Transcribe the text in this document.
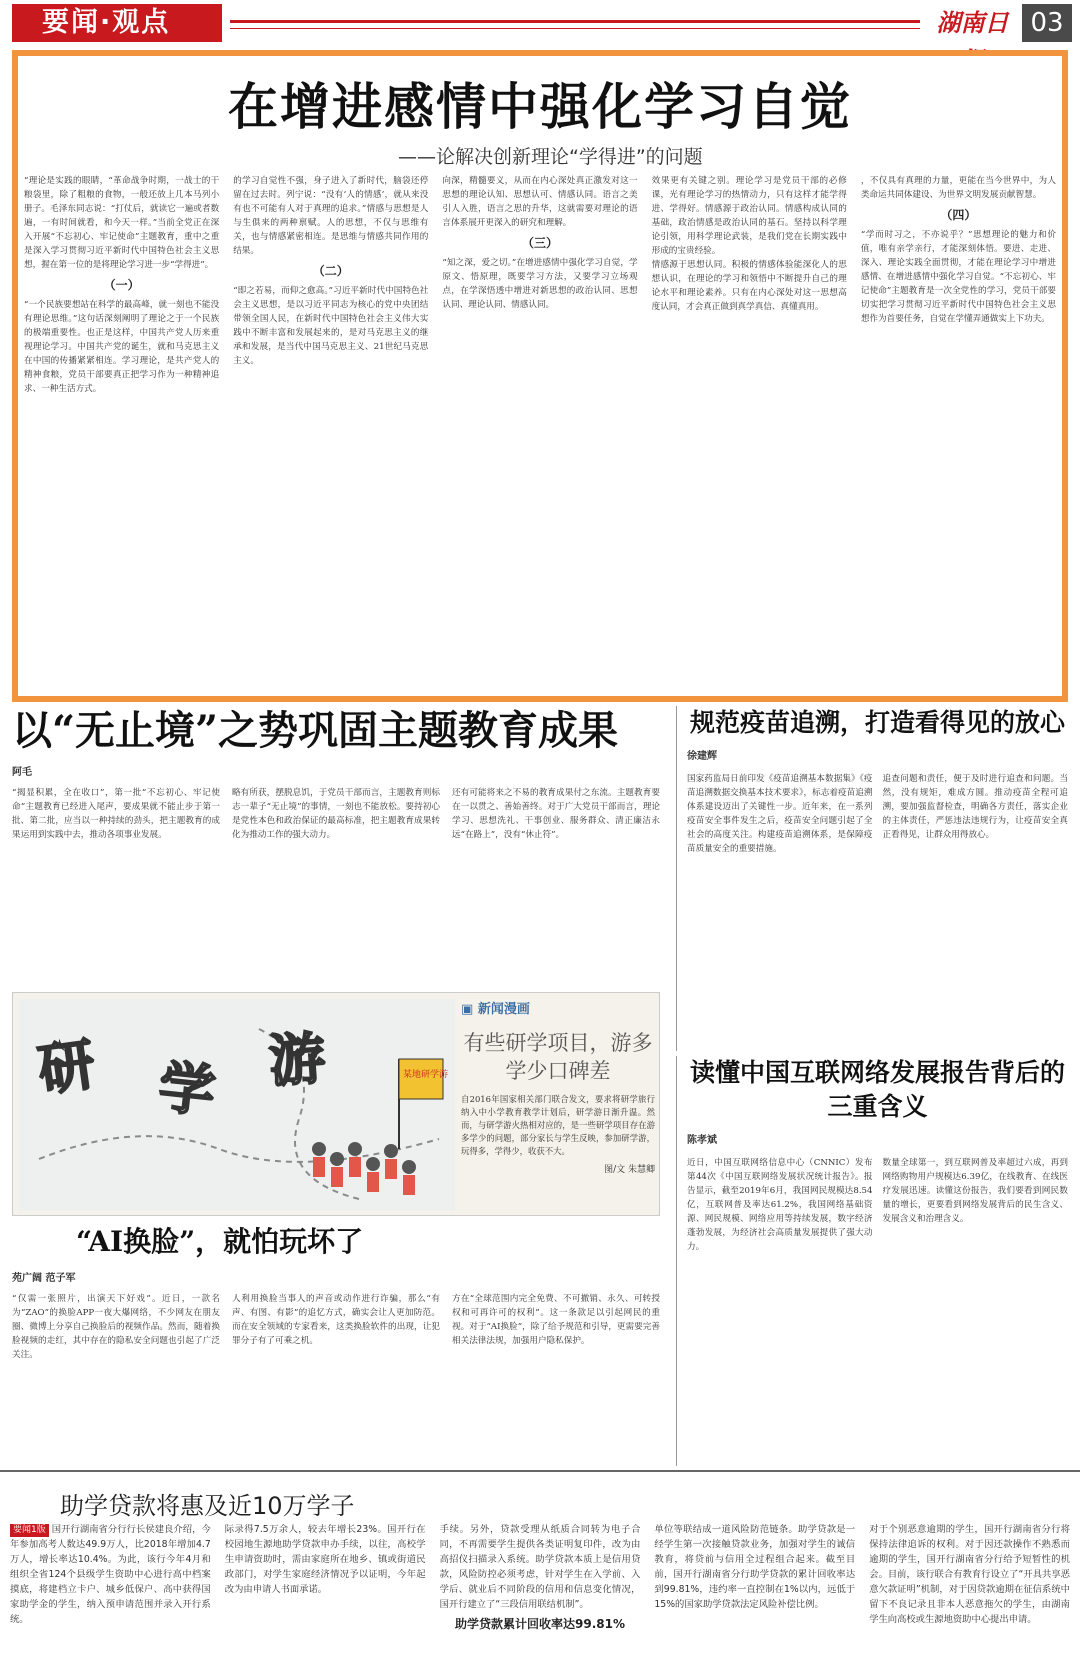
要闻·观点	湖南日 03
在增进感情中强化学习自觉
——论解决创新理论“学得进”的问题

“理论是实践的眼睛，“革命战争时期，一战士的干粮袋里，除了粗粮的食物，一般还放上几本马列小册子。毛泽东同志说：“打仗后，就读它一遍或者数遍，一有时间就看，和今天一样。”当前全党正在深入开展“不忘初心、牢记使命”主题教育，重中之重是深入学习贯彻习近平新时代中国特色社会主义思想，握在第一位的是将理论学习进一步“学得进”。

（一）

“一个民族要想站在科学的最高峰，就一刻也不能没有理论思维。”这句话深刻阐明了理论之于一个民族的极端重要性。也正是这样，中国共产党人历来重视理论学习。中国共产党的诞生，就和马克思主义在中国的传播紧紧相连。学习理论，是共产党人的精神食粮，党员干部要真正把学习作为一种精神追求、一种生活方式。

的学习自觉性不强，身子进入了新时代，脑袋还停留在过去时。列宁说：“没有‘人的情感’，就从来没有也不可能有人对于真理的追求。”情感与思想是人与生俱来的两种禀赋。人的思想，不仅与思维有关，也与情感紧密相连。是思维与情感共同作用的结果。

（二）

“即之若易，而仰之愈高。”习近平新时代中国特色社会主义思想，是以习近平同志为核心的党中央团结带领全国人民，在新时代中国特色社会主义伟大实践中不断丰富和发展起来的，是对马克思主义的继承和发展，是当代中国马克思主义、21世纪马克思主义。

向深，精髓要义，从而在内心深处真正激发对这一思想的理论认知、思想认可、情感认同。语言之美引人入胜，语言之思的升华，这就需要对理论的语言体系展开更深入的研究和理解。

（三）

“知之深，爱之切。”在增进感情中强化学习自觉，学原文、悟原理，既要学习方法，又要学习立场观点，在学深悟透中增进对新思想的政治认同、思想认同、理论认同、情感认同。

效果更有关键之别。理论学习是党员干部的必修课，光有理论学习的热情动力，只有这样才能学得进、学得好。情感源于政治认同。情感构成认同的基础，政治情感是政治认同的基石。坚持以科学理论引领，用科学理论武装，是我们党在长期实践中形成的宝贵经验。

情感源于思想认同。积极的情感体验能深化人的思想认识，在理论的学习和领悟中不断提升自己的理论水平和理论素养。只有在内心深处对这一思想高度认同，才会真正做到真学真信、真懂真用。

，不仅具有真理的力量，更能在当今世界中，为人类命运共同体建设、为世界文明发展贡献智慧。

（四）

“学而时习之，不亦说乎？”思想理论的魅力和价值，唯有亲学亲行，才能深刻体悟。要进、走进、深入、理论实践全面贯彻，才能在理论学习中增进感情、在增进感情中强化学习自觉。“不忘初心、牢记使命”主题教育是一次全党性的学习，党员干部要切实把学习贯彻习近平新时代中国特色社会主义思想作为首要任务，自觉在学懂弄通做实上下功夫。

以“无止境”之势巩固主题教育成果
阿毛
“揭显积累，全在收口”，第一批“不忘初心、牢记使命”主题教育已经进入尾声，要成果就不能止步于第一批、第二批，应当以一种持续的劲头，把主题教育的成果运用到实践中去，推动各项事业发展。
略有所获，摆脱息饥，于党员干部而言，主题教育则标志一辈子“无止境”的事情，一刻也不能放松。要持初心是党性本色和政治保证的最高标准，把主题教育成果转化为推动工作的强大动力。
还有可能将来之不易的教育成果付之东流。主题教育要在一以贯之、善始善终。对于广大党员干部而言，理论学习、思想洗礼、干事创业、服务群众、清正廉洁永远“在路上”，没有“休止符”。
规范疫苗追溯，打造看得见的放心
徐建辉
国家药监局日前印发《疫苗追溯基本数据集》《疫苗追溯数据交换基本技术要求》，标志着疫苗追溯体系建设迈出了关键性一步。近年来，在一系列疫苗安全事件发生之后，疫苗安全问题引起了全社会的高度关注。构建疫苗追溯体系，是保障疫苗质量安全的重要措施。
追查问题和责任，便于及时进行追查和问题。当然，没有规矩，难成方圆。推动疫苗全程可追溯，要加强监督检查，明确各方责任，落实企业的主体责任，严惩违法违规行为，让疫苗安全真正看得见，让群众用得放心。
研 学 游	某地研学游
▣ 新闻漫画
有些研学项目，游多学少口碑差
自2016年国家相关部门联合发文，要求将研学旅行纳入中小学教育教学计划后，研学游日渐升温。然而，与研学游火热相对应的，是一些研学项目存在游多学少的问题，部分家长与学生反映，参加研学游，玩得多，学得少，收获不大。
图/文 朱慧卿
读懂中国互联网络发展报告背后的三重含义
陈孝斌
近日，中国互联网络信息中心（CNNIC）发布第44次《中国互联网络发展状况统计报告》。报告显示，截至2019年6月，我国网民规模达8.54亿，互联网普及率达61.2%，我国网络基础资源、网民规模、网络应用等持续发展，数字经济蓬勃发展，为经济社会高质量发展提供了强大动力。
数量全球第一，到互联网普及率超过六成，再到网络购物用户规模达6.39亿，在线教育、在线医疗发展迅速。读懂这份报告，我们要看到网民数量的增长，更要看到网络发展背后的民生含义、发展含义和治理含义。
“AI换脸”，就怕玩坏了
苑广阔 范子军
“仅需一张照片，出演天下好戏”。近日，一款名为“ZAO”的换脸APP一夜大爆网络，不少网友在朋友圈、微博上分享自己换脸后的视频作品。然而，随着换脸视频的走红，其中存在的隐私安全问题也引起了广泛关注。
人利用换脸当事人的声音或动作进行诈骗，那么“有声、有图、有影”的追忆方式，确实会让人更加防范。而在安全领域的专家看来，这类换脸软件的出现，让犯罪分子有了可乘之机。
方在“全球范围内完全免费、不可撤销、永久、可转授权和可再许可的权利”。这一条款足以引起网民的重视。对于“AI换脸”，除了给予规范和引导，更需要完善相关法律法规，加强用户隐私保护。
助学贷款将惠及近10万学子
要闻1版 国开行湖南省分行行长侯建良介绍，今年参加高考人数达49.9万人，比2018年增加4.7万人，增长率达10.4%。为此，该行今年4月和组织全省124个县级学生资助中心进行高中档案摸底，将建档立卡户、城乡低保户、高中获得国家助学金的学生，纳入预申请范围并录入开行系统。
际录得7.5万余人，较去年增长23%。国开行在校园地生源地助学贷款申办手续，以往，高校学生申请资助时，需由家庭所在地乡、镇或街道民政部门，对学生家庭经济情况予以证明，今年起改为由申请人书面承诺。
手续。另外，贷款受理从纸质合同转为电子合同，不再需要学生提供各类证明复印件，改为由高招仪扫描录入系统。助学贷款本质上是信用贷款，风险防控必须考虑，针对学生在入学前、入学后、就业后不同阶段的信用和信息变化情况，国开行建立了“三段信用联结机制”。
助学贷款累计回收率达99.81%
单位等联结成一道风险防范链条。助学贷款是一经学生第一次接触贷款业务，加强对学生的诚信教育，将贷前与信用全过程组合起来。截至目前，国开行湖南省分行助学贷款的累计回收率达到99.81%，违约率一直控制在1%以内，远低于15%的国家助学贷款法定风险补偿比例。
对于个别恶意逾期的学生，国开行湖南省分行将保持法律追诉的权利。对于因还款操作不熟悉而逾期的学生，国开行湖南省分行给予短暂性的机会。目前，该行联合有教育行设立了“开具共享恶意欠款证明”机制，对于因贷款逾期在征信系统中留下不良记录且非本人恶意拖欠的学生，由湖南学生向高校或生源地资助中心提出申请。
